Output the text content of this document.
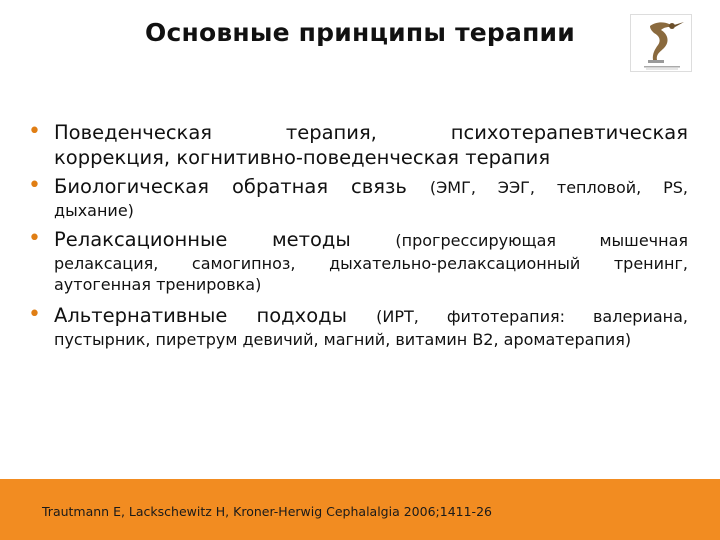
Основные принципы терапии
• Поведенческая терапия, психотерапевтическая
коррекция, когнитивно-поведенческая терапия
• Биологическая обратная связь (ЭМГ, ЭЭГ, тепловой, PS,
дыхание)
• Релаксационные методы	(прогрессирующая мышечная
релаксация, самогипноз, дыхательно-релаксационный тренинг,
аутогенная тренировка)
• Альтернативные подходы (ИРТ, фитотерапия: валериана,
пустырник, пиретрум девичий, магний, витамин В2, ароматерапия)
Trautmann E, Lackschewitz H, Kroner-Herwig Cephalalgia 2006;1411-26
